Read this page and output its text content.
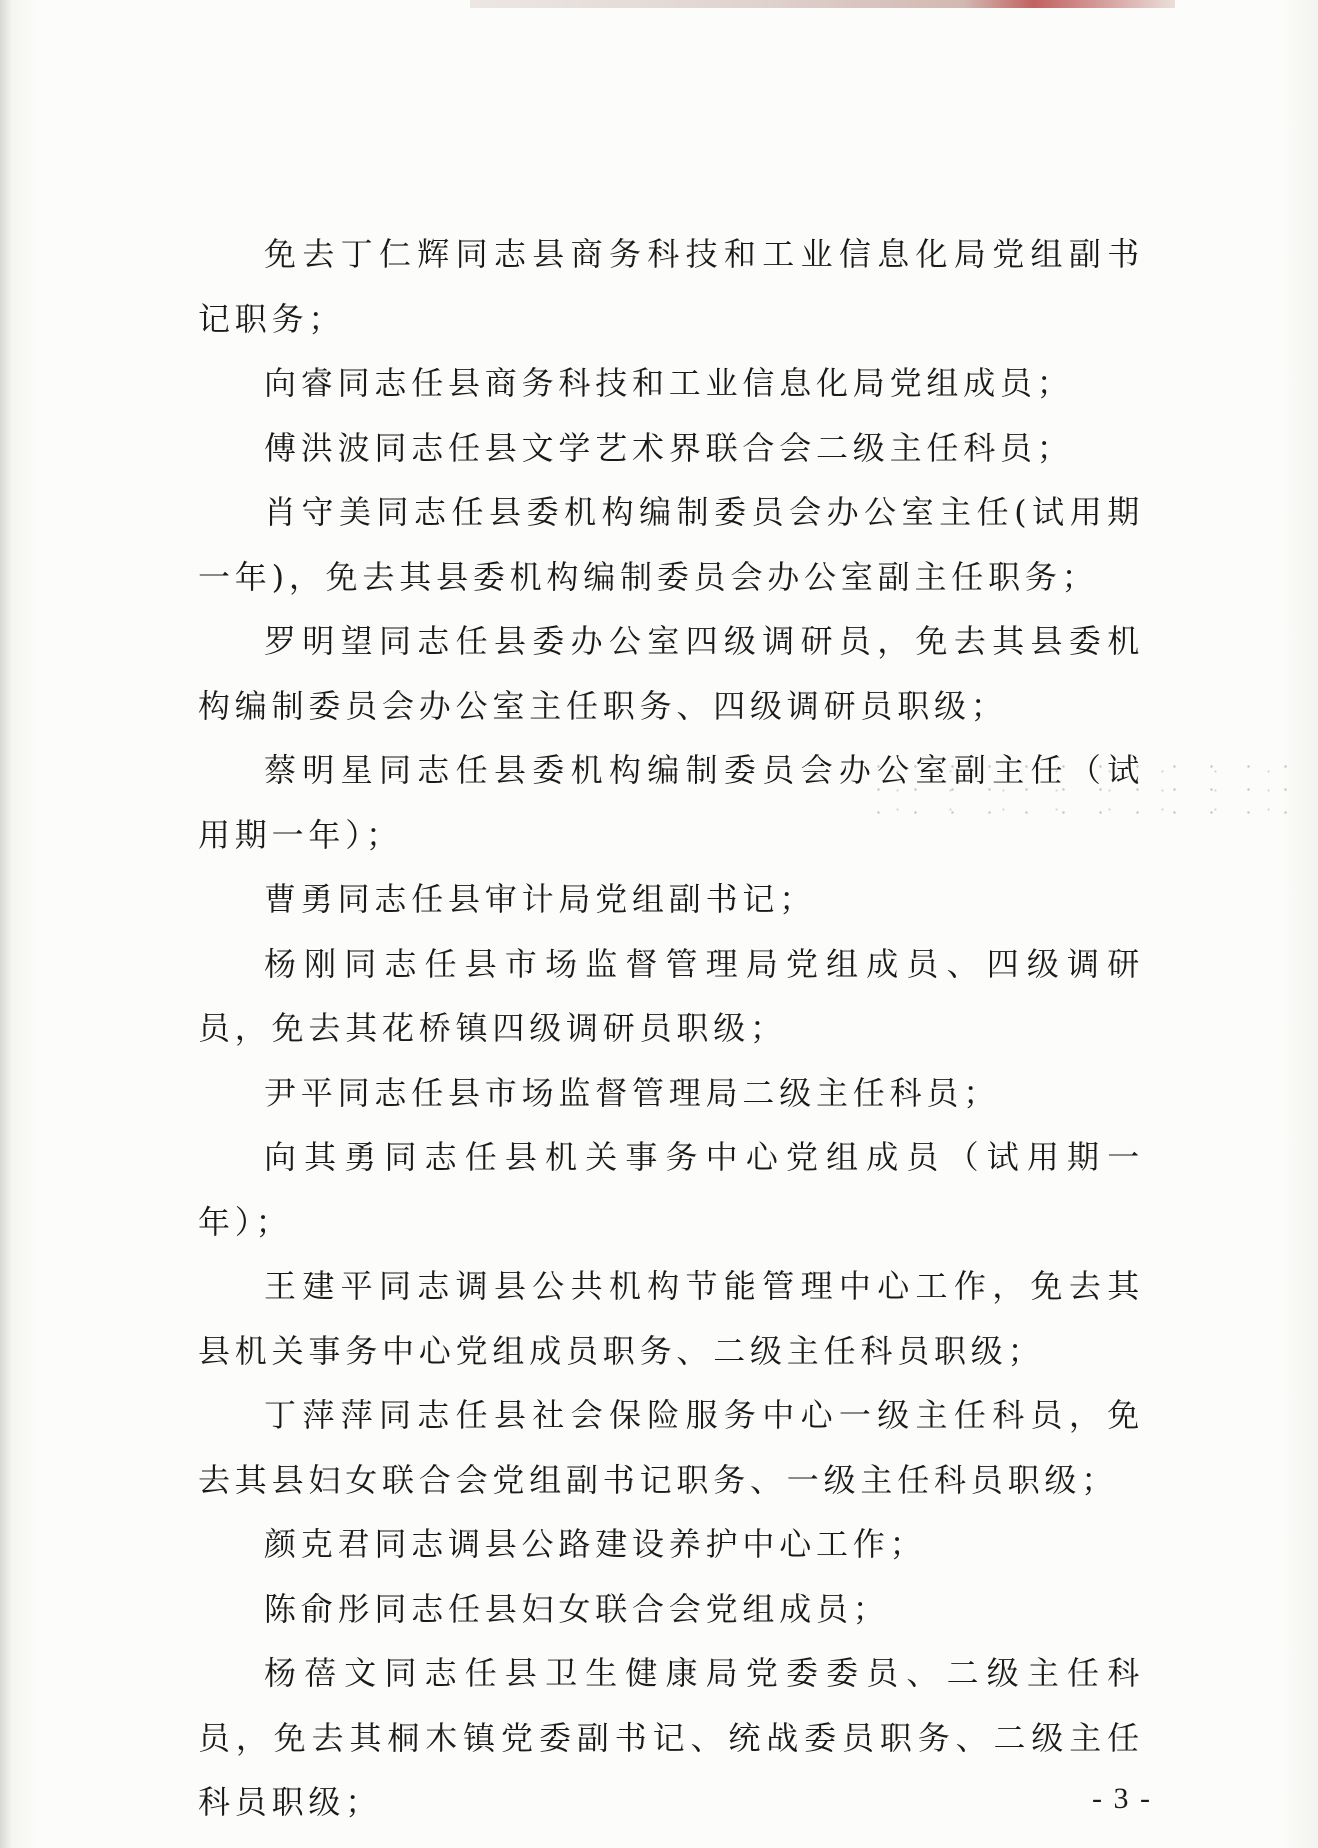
免去丁仁辉同志县商务科技和工业信息化局党组副书记职务；

向睿同志任县商务科技和工业信息化局党组成员；

傅洪波同志任县文学艺术界联合会二级主任科员；

肖守美同志任县委机构编制委员会办公室主任(试用期一年)，免去其县委机构编制委员会办公室副主任职务；

罗明望同志任县委办公室四级调研员，免去其县委机构编制委员会办公室主任职务、四级调研员职级；

蔡明星同志任县委机构编制委员会办公室副主任（试用期一年）；

曹勇同志任县审计局党组副书记；

杨刚同志任县市场监督管理局党组成员、四级调研员，免去其花桥镇四级调研员职级；

尹平同志任县市场监督管理局二级主任科员；

向其勇同志任县机关事务中心党组成员（试用期一年）；

王建平同志调县公共机构节能管理中心工作，免去其县机关事务中心党组成员职务、二级主任科员职级；

丁萍萍同志任县社会保险服务中心一级主任科员，免去其县妇女联合会党组副书记职务、一级主任科员职级；

颜克君同志调县公路建设养护中心工作；

陈俞彤同志任县妇女联合会党组成员；

杨蓓文同志任县卫生健康局党委委员、二级主任科员，免去其桐木镇党委副书记、统战委员职务、二级主任科员职级；	- 3 -
